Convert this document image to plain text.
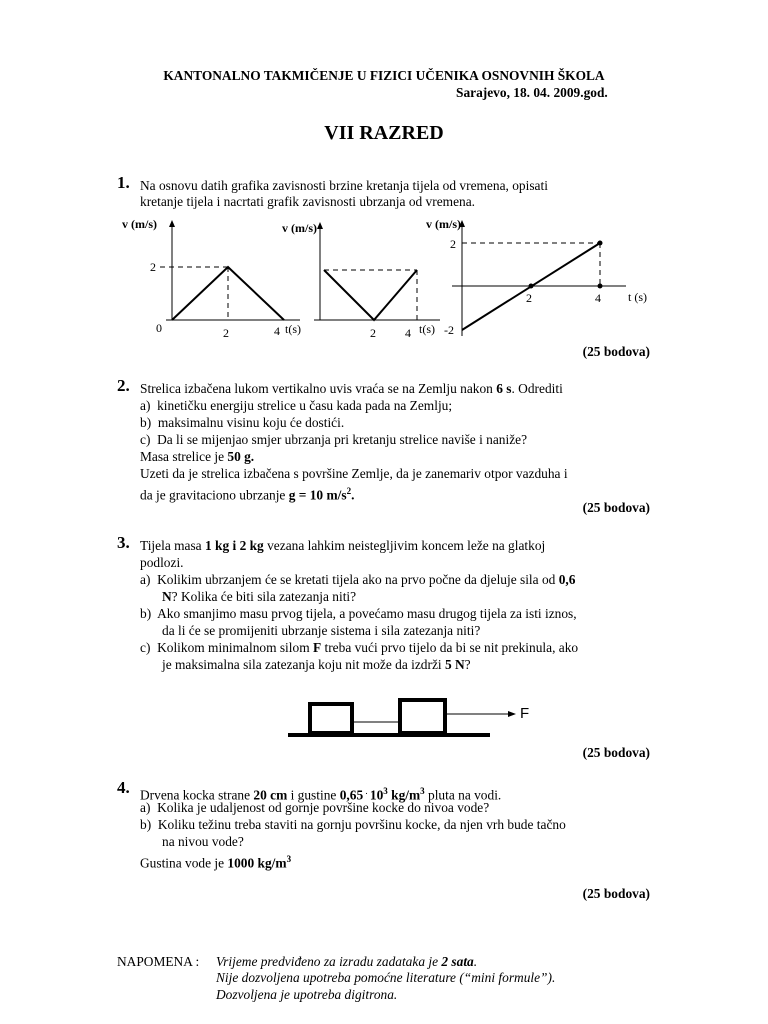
KANTONALNO TAKMIČENJE U FIZICI UČENIKA OSNOVNIH ŠKOLA
Sarajevo, 18. 04. 2009.god.
VII RAZRED
1. Na osnovu datih grafika zavisnosti brzine kretanja tijela od vremena, opisati
kretanje tijela i nacrtati grafik zavisnosti ubrzanja od vremena.
v (m/s)
2
0	2	4 t(s)
v (m/s)
2 4 t(s)
v (m/s)
2
-2
2	4 t (s)
(25 bodova)
2. Strelica izbačena lukom vertikalno uvis vraća se na Zemlju nakon 6 s. Odrediti
a)  kinetičku energiju strelice u času kada pada na Zemlju;
b)  maksimalnu visinu koju će dostići.
c)  Da li se mijenjao smjer ubrzanja pri kretanju strelice naviše i naniže?
Masa strelice je 50 g.
Uzeti da je strelica izbačena s površine Zemlje, da je zanemariv otpor vazduha i
da je gravitaciono ubrzanje g = 10 $m/s^2$.
(25 bodova)
3. Tijela masa 1 kg i 2 kg vezana lahkim neistegljivim koncem leže na glatkoj
podlozi.
a)  Kolikim ubrzanjem će se kretati tijela ako na prvo počne da djeluje sila od 0,6
N? Kolika će biti sila zatezanja niti?
b)  Ako smanjimo masu prvog tijela, a povećamo masu drugog tijela za isti iznos,
da li će se promijeniti ubrzanje sistema i sila zatezanja niti?
c)  Kolikom minimalnom silom F treba vući prvo tijelo da bi se nit prekinula, ako
je maksimalna sila zatezanja koju nit može da izdrži 5 N?
F
(25 bodova)
4. Drvena kocka strane 20 cm i gustine 0,65 . $10^3$ $kg/m^3$ pluta na vodi.
a)  Kolika je udaljenost od gornje površine kocke do nivoa vode?
b)  Koliku težinu treba staviti na gornju površinu kocke, da njen vrh bude tačno
na nivou vode?
Gustina vode je 1000 $kg/m^3$
(25 bodova)
NAPOMENA : Vrijeme predviđeno za izradu zadataka je 2 sata.
Nije dozvoljena upotreba pomoćne literature (“mini formule”).
Dozvoljena je upotreba digitrona.
